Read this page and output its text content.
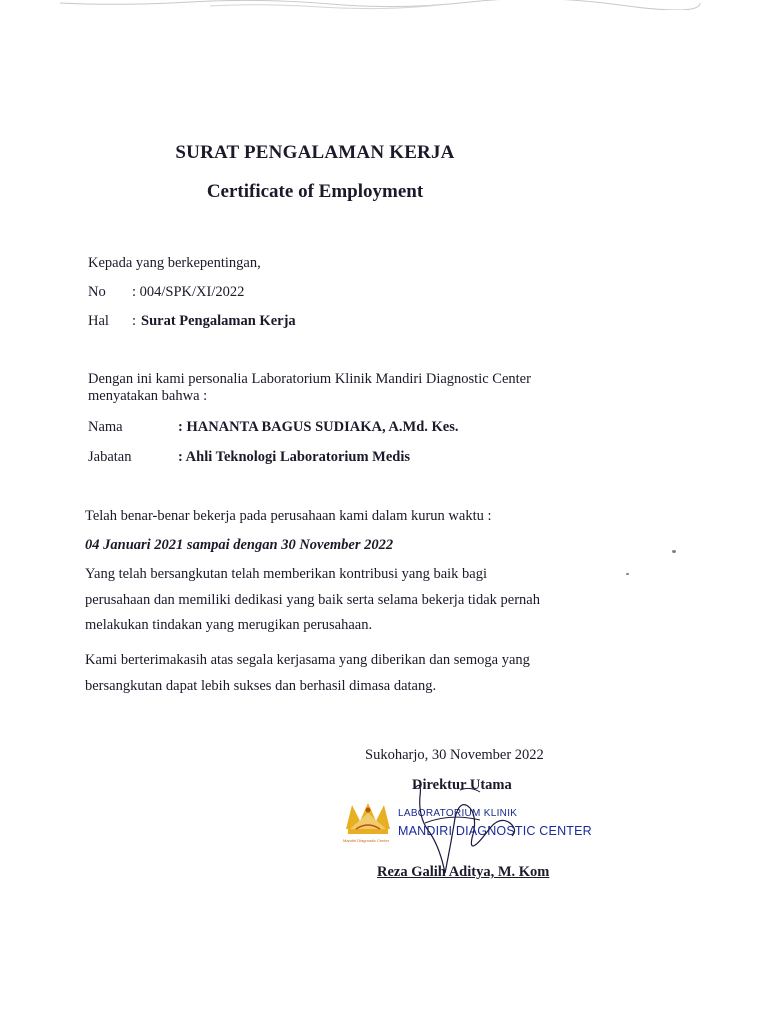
SURAT PENGALAMAN KERJA
Certificate of Employment
Kepada yang berkepentingan,
No : 004/SPK/XI/2022
Hal : Surat Pengalaman Kerja
Dengan ini kami personalia Laboratorium Klinik Mandiri Diagnostic Center
menyatakan bahwa :
Nama	: HANANTA BAGUS SUDIAKA, A.Md. Kes.
Jabatan	: Ahli Teknologi Laboratorium Medis
Telah benar-benar bekerja pada perusahaan kami dalam kurun waktu :
04 Januari 2021 sampai dengan 30 November 2022
Yang telah bersangkutan telah memberikan kontribusi yang baik bagi
perusahaan dan memiliki dedikasi yang baik serta selama bekerja tidak pernah
melakukan tindakan yang merugikan perusahaan.
Kami berterimakasih atas segala kerjasama yang diberikan dan semoga yang
bersangkutan dapat lebih sukses dan berhasil dimasa datang.
Sukoharjo, 30 November 2022
Direktur Utama
Mandiri Diagnostic Center
LABORATORIUM KLINIK
MANDIRI DIAGNOSTIC CENTER
Reza Galih Aditya, M. Kom
